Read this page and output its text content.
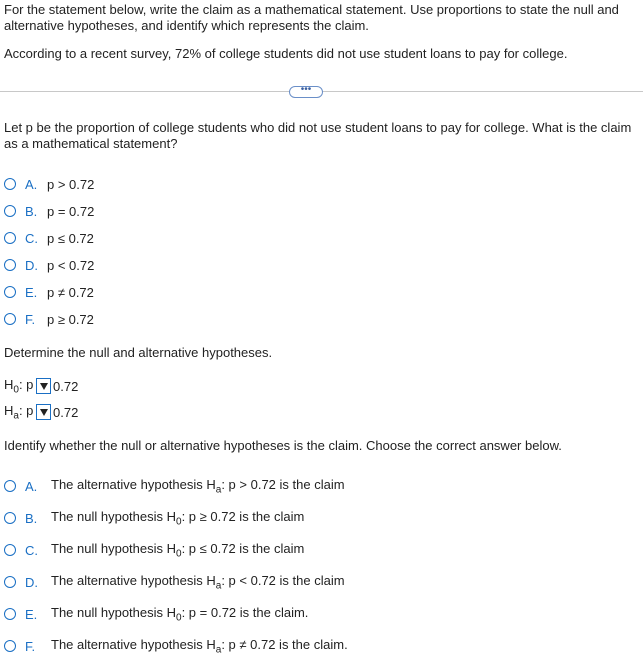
For the statement below, write the claim as a mathematical statement. Use proportions to state the null and alternative hypotheses, and identify which represents the claim.

According to a recent survey, 72% of college students did not use student loans to pay for college.
•••
Let p be the proportion of college students who did not use student loans to pay for college. What is the claim as a mathematical statement?
A. p > 0.72
B. p = 0.72
C. p ≤ 0.72
D. p < 0.72
E. p ≠ 0.72
F. p ≥ 0.72
Determine the null and alternative hypotheses.
$H_0$: p 0.72
$H_a$: p 0.72
Identify whether the null or alternative hypotheses is the claim. Choose the correct answer below.
A.	The alternative hypothesis $H_a$: p > 0.72 is the claim
B.	The null hypothesis $H_0$: p ≥ 0.72 is the claim
C.	The null hypothesis $H_0$: p ≤ 0.72 is the claim
D.	The alternative hypothesis $H_a$: p < 0.72 is the claim
E.	The null hypothesis $H_0$: p = 0.72 is the claim.
F.	The alternative hypothesis $H_a$: p ≠ 0.72 is the claim.
